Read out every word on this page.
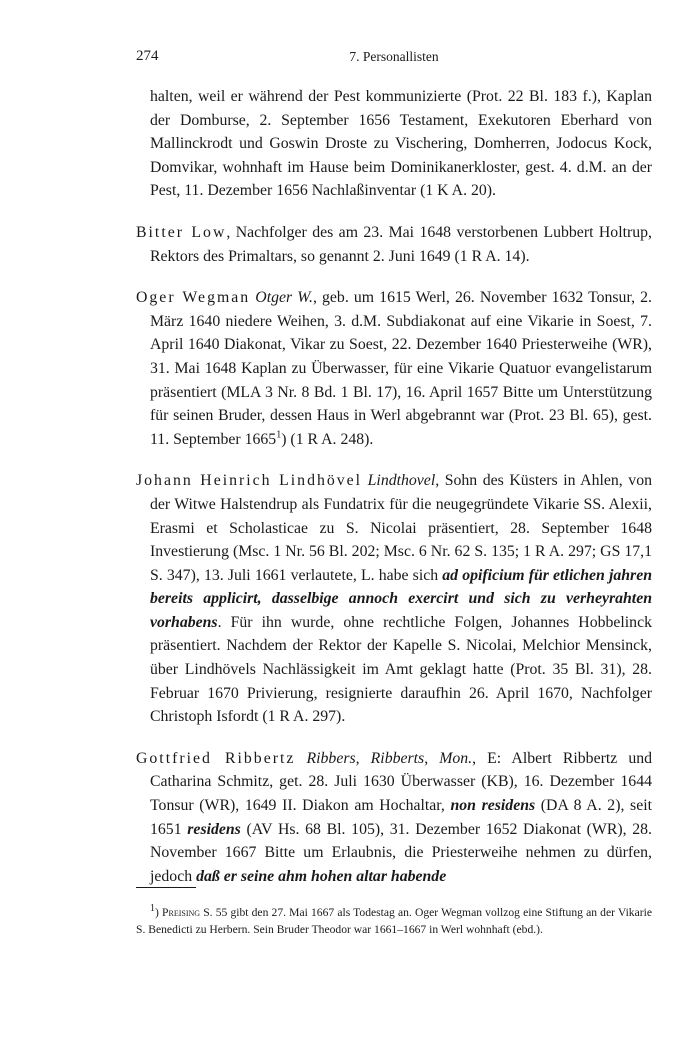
274	7. Personallisten

halten, weil er während der Pest kommunizierte (Prot. 22 Bl. 183 f.), Kaplan der Domburse, 2. September 1656 Testament, Exekutoren Eberhard von Mallinckrodt und Goswin Droste zu Vischering, Domherren, Jodocus Kock, Domvikar, wohnhaft im Hause beim Dominikanerkloster, gest. 4. d.M. an der Pest, 11. Dezember 1656 Nachlaßinventar (1 K A. 20).

Bitter Low, Nachfolger des am 23. Mai 1648 verstorbenen Lubbert Holtrup, Rektors des Primaltars, so genannt 2. Juni 1649 (1 R A. 14).

Oger Wegman Otger W., geb. um 1615 Werl, 26. November 1632 Tonsur, 2. März 1640 niedere Weihen, 3. d.M. Subdiakonat auf eine Vikarie in Soest, 7. April 1640 Diakonat, Vikar zu Soest, 22. Dezember 1640 Priesterweihe (WR), 31. Mai 1648 Kaplan zu Überwasser, für eine Vikarie Quatuor evangelistarum präsentiert (MLA 3 Nr. 8 Bd. 1 Bl. 17), 16. April 1657 Bitte um Unterstützung für seinen Bruder, dessen Haus in Werl abgebrannt war (Prot. 23 Bl. 65), gest. 11. September 1665$^1$) (1 R A. 248).

Johann Heinrich Lindhövel Lindthovel, Sohn des Küsters in Ahlen, von der Witwe Halstendrup als Fundatrix für die neugegründete Vikarie SS. Alexii, Erasmi et Scholasticae zu S. Nicolai präsentiert, 28. September 1648 Investierung (Msc. 1 Nr. 56 Bl. 202; Msc. 6 Nr. 62 S. 135; 1 R A. 297; GS 17,1 S. 347), 13. Juli 1661 verlautete, L. habe sich ad opificium für etlichen jahren bereits applicirt, dasselbige annoch exercirt und sich zu verheyrahten vorhabens. Für ihn wurde, ohne rechtliche Folgen, Johannes Hobbelinck präsentiert. Nachdem der Rektor der Kapelle S. Nicolai, Melchior Mensinck, über Lindhövels Nachlässigkeit im Amt geklagt hatte (Prot. 35 Bl. 31), 28. Februar 1670 Privierung, resignierte daraufhin 26. April 1670, Nachfolger Christoph Isfordt (1 R A. 297).

Gottfried Ribbertz Ribbers, Ribberts, Mon., E: Albert Ribbertz und Catharina Schmitz, get. 28. Juli 1630 Überwasser (KB), 16. Dezember 1644 Tonsur (WR), 1649 II. Diakon am Hochaltar, non residens (DA 8 A. 2), seit 1651 residens (AV Hs. 68 Bl. 105), 31. Dezember 1652 Diakonat (WR), 28. November 1667 Bitte um Erlaubnis, die Priesterweihe nehmen zu dürfen, jedoch daß er seine ahm hohen altar habende

1) Preising S. 55 gibt den 27. Mai 1667 als Todestag an. Oger Wegman vollzog eine Stiftung an der Vikarie S. Benedicti zu Herbern. Sein Bruder Theodor war 1661–1667 in Werl wohnhaft (ebd.).
